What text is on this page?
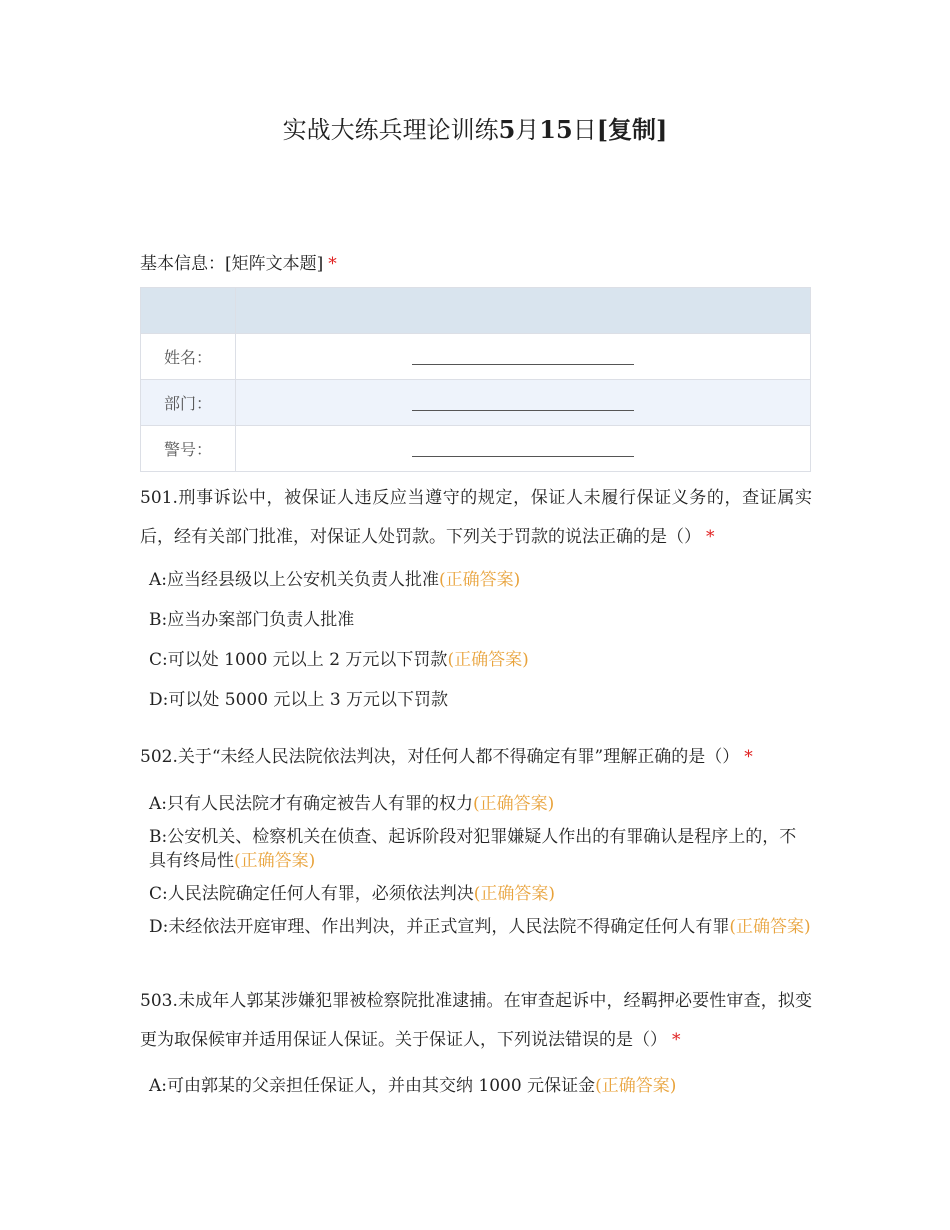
实战大练兵理论训练5月15日[复制]
基本信息：[矩阵文本题] *

姓名：	
部门：	
警号：	
501.刑事诉讼中，被保证人违反应当遵守的规定，保证人未履行保证义务的，查证属实后，经有关部门批准，对保证人处罚款。下列关于罚款的说法正确的是（） *

A:应当经县级以上公安机关负责人批准(正确答案)

B:应当办案部门负责人批准

C:可以处 1000 元以上 2 万元以下罚款(正确答案)

D:可以处 5000 元以上 3 万元以下罚款

502.关于“未经人民法院依法判决，对任何人都不得确定有罪”理解正确的是（） *

A:只有人民法院才有确定被告人有罪的权力(正确答案)

B:公安机关、检察机关在侦查、起诉阶段对犯罪嫌疑人作出的有罪确认是程序上的，不具有终局性(正确答案)

C:人民法院确定任何人有罪，必须依法判决(正确答案)

D:未经依法开庭审理、作出判决，并正式宣判，人民法院不得确定任何人有罪(正确答案)

503.未成年人郭某涉嫌犯罪被检察院批准逮捕。在审查起诉中，经羁押必要性审查，拟变更为取保候审并适用保证人保证。关于保证人，下列说法错误的是（） *

A:可由郭某的父亲担任保证人，并由其交纳 1000 元保证金(正确答案)
